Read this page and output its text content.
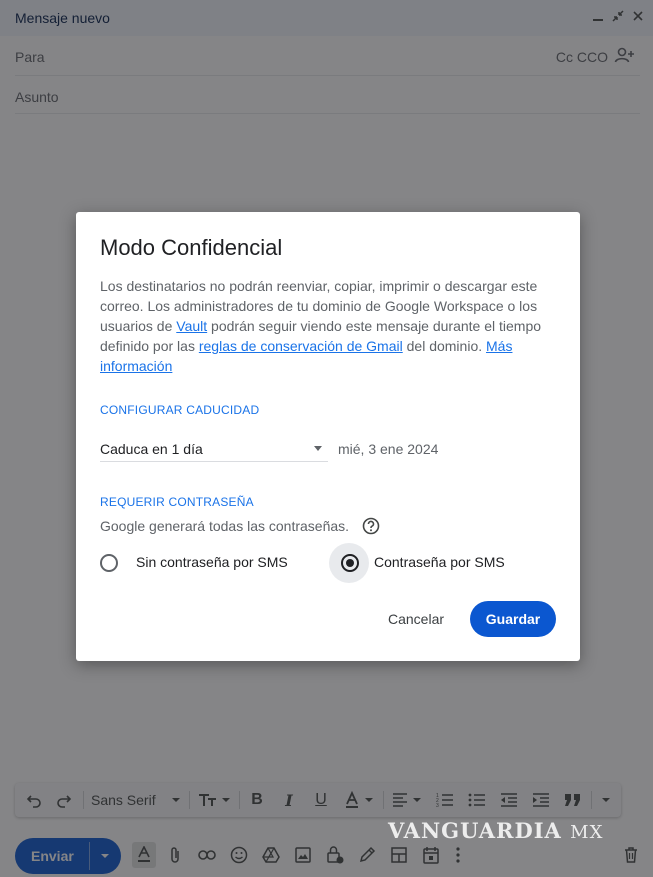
Modo Confidencial
Los destinatarios no podrán reenviar, copiar, imprimir o descargar este correo. Los administradores de tu dominio de Google Workspace o los usuarios de Vault podrán seguir viendo este mensaje durante el tiempo definido por las reglas de conservación de Gmail del dominio. Más información
CONFIGURAR CADUCIDAD
Caduca en 1 día	mié, 3 ene 2024
REQUERIR CONTRASEÑA
Google generará todas las contraseñas.
Sin contraseña por SMS	Contraseña por SMS
Cancelar	Guardar
VANGUARDIA MX
